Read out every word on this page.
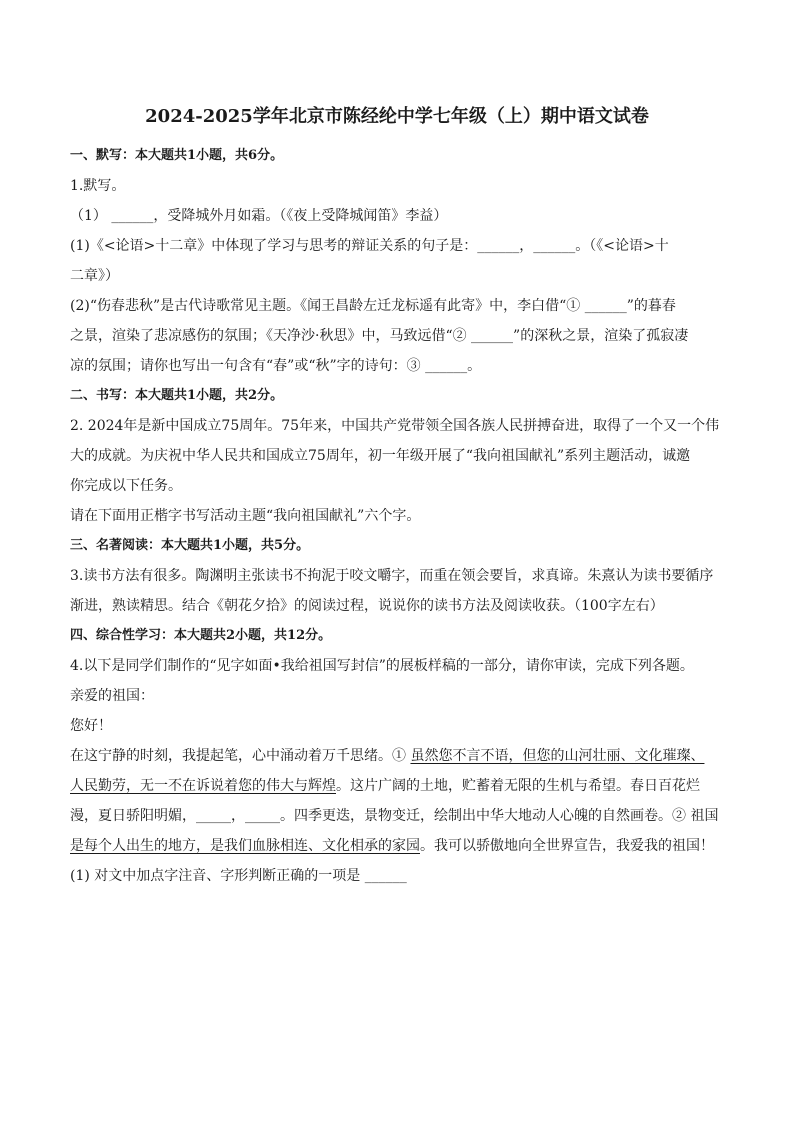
2024-2025学年北京市陈经纶中学七年级（上）期中语文试卷
一、默写：本大题共1小题，共6分。
1.默写。
（1） ______，受降城外月如霜。（《夜上受降城闻笛》李益）
(1)《<论语>十二章》中体现了学习与思考的辩证关系的句子是：______，______。（《<论语>十
二章》）
(2)“伤春悲秋”是古代诗歌常见主题。《闻王昌龄左迁龙标遥有此寄》中，李白借“① ______”的暮春
之景，渲染了悲凉感伤的氛围；《天净沙·秋思》中，马致远借“② ______”的深秋之景，渲染了孤寂凄
凉的氛围；请你也写出一句含有“春”或“秋”字的诗句：③ ______。
二、书写：本大题共1小题，共2分。
2. 2024年是新中国成立75周年。75年来，中国共产党带领全国各族人民拼搏奋进，取得了一个又一个伟
大的成就。为庆祝中华人民共和国成立75周年，初一年级开展了“我向祖国献礼”系列主题活动，诚邀
你完成以下任务。
请在下面用正楷字书写活动主题“我向祖国献礼”六个字。
三、名著阅读：本大题共1小题，共5分。
3.读书方法有很多。陶渊明主张读书不拘泥于咬文嚼字，而重在领会要旨，求真谛。朱熹认为读书要循序
渐进，熟读精思。结合《朝花夕拾》的阅读过程，说说你的读书方法及阅读收获。（100字左右）
四、综合性学习：本大题共2小题，共12分。
4.以下是同学们制作的“见字如面•我给祖国写封信”的展板样稿的一部分，请你审读，完成下列各题。
亲爱的祖国：
您好！
在这宁静的时刻，我提起笔，心中涌动着万千思绪。① 虽然您不言不语，但您的山河壮丽、文化璀璨、
人民勤劳，无一不在诉说着您的伟大与辉煌。这片广阔的土地，贮蓄着无限的生机与希望。春日百花烂
漫，夏日骄阳明媚，_____，_____。四季更迭，景物变迁，绘制出中华大地动人心魄的自然画卷。② 祖国
是每个人出生的地方，是我们血脉相连、文化相承的家园。我可以骄傲地向全世界宣告，我爱我的祖国！
(1) 对文中加点字注音、字形判断正确的一项是 ______
